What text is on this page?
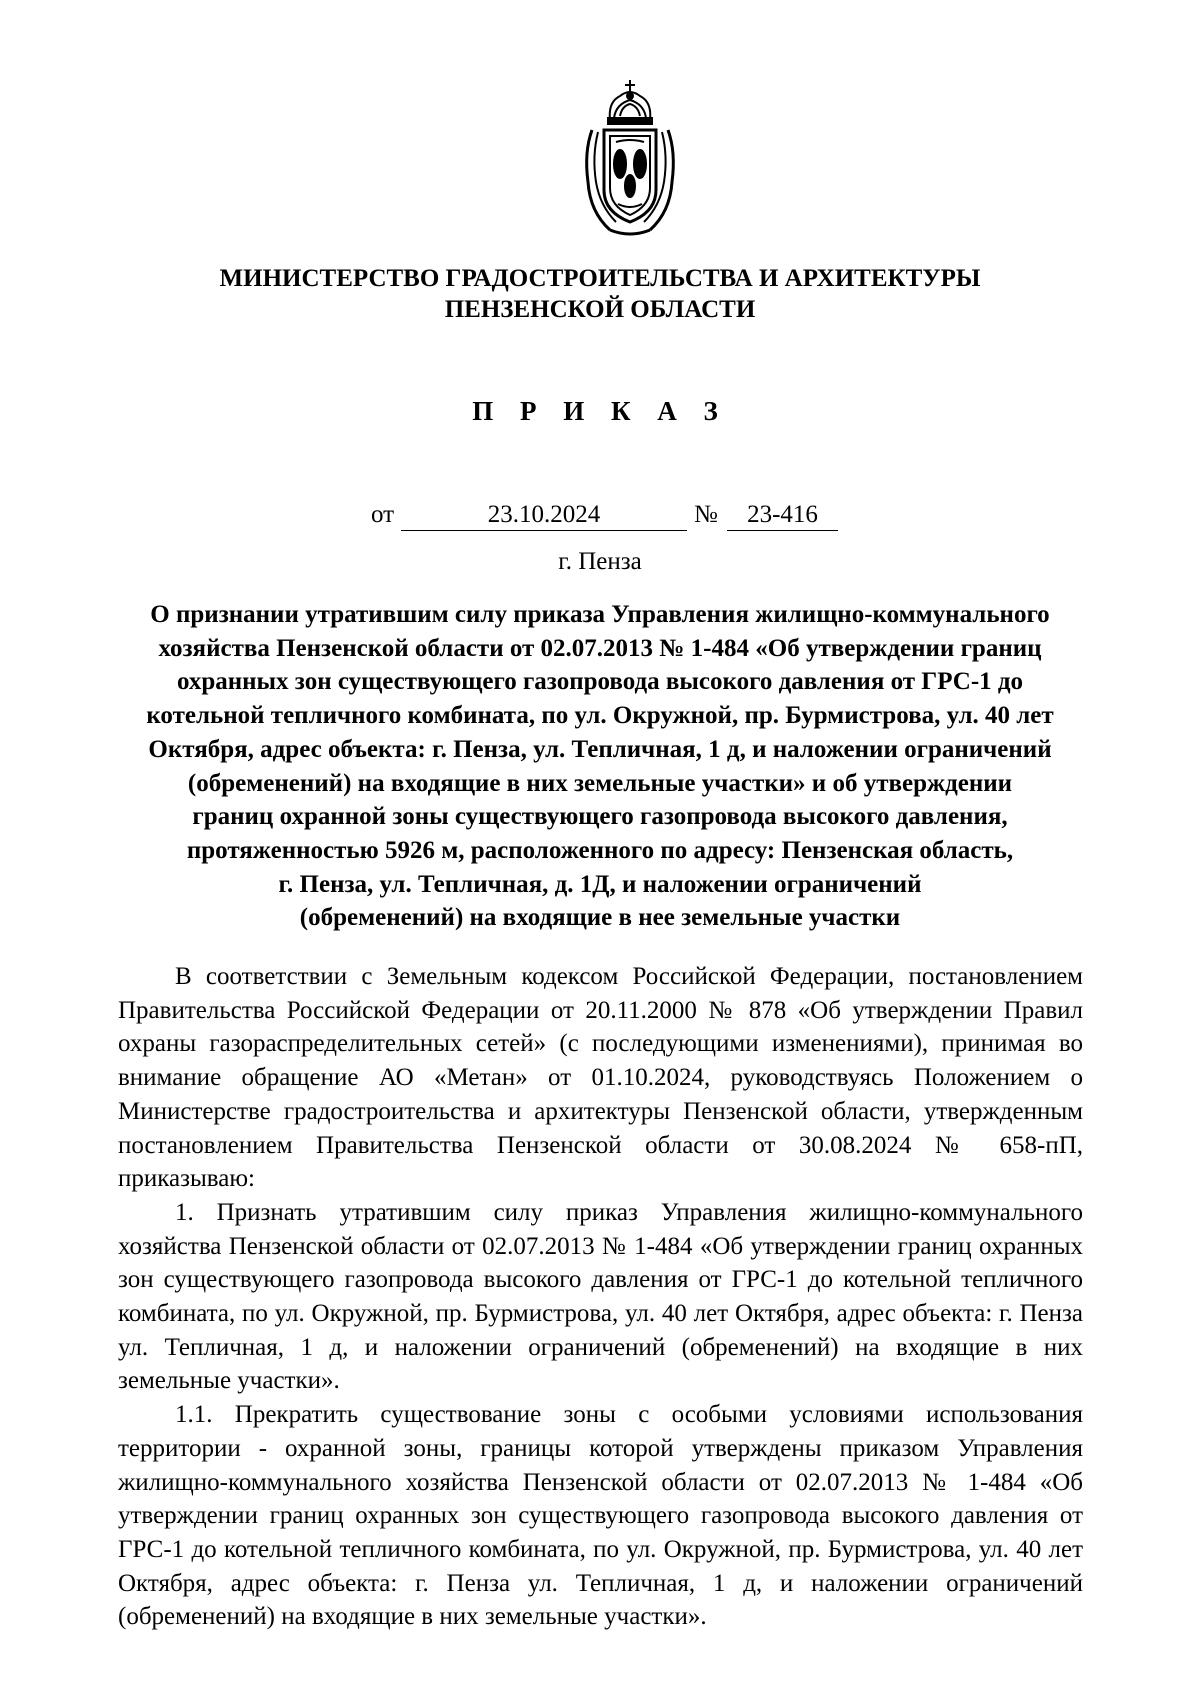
МИНИСТЕРСТВО ГРАДОСТРОИТЕЛЬСТВА И АРХИТЕКТУРЫ
ПЕНЗЕНСКОЙ ОБЛАСТИ
П Р И К А З
от	23.10.2024	№	23-416
г. Пенза
О признании утратившим силу приказа Управления жилищно-коммунального
хозяйства Пензенской области от 02.07.2013 № 1-484 «Об утверждении границ
охранных зон существующего газопровода высокого давления от ГРС-1 до
котельной тепличного комбината, по ул. Окружной, пр. Бурмистрова, ул. 40 лет
Октября, адрес объекта: г. Пенза, ул. Тепличная, 1 д, и наложении ограничений
(обременений) на входящие в них земельные участки» и об утверждении
границ охранной зоны существующего газопровода высокого давления,
протяженностью 5926 м, расположенного по адресу: Пензенская область,
г. Пенза, ул. Тепличная, д. 1Д, и наложении ограничений
(обременений) на входящие в нее земельные участки

В соответствии с Земельным кодексом Российской Федерации, постановлением Правительства Российской Федерации от 20.11.2000 № 878 «Об утверждении Правил охраны газораспределительных сетей» (с последующими изменениями), принимая во внимание обращение АО «Метан» от 01.10.2024, руководствуясь Положением о Министерстве градостроительства и архитектуры Пензенской области, утвержденным постановлением Правительства Пензенской области от 30.08.2024 № 658-пП, приказываю:

1. Признать утратившим силу приказ Управления жилищно-коммунального хозяйства Пензенской области от 02.07.2013 № 1-484 «Об утверждении границ охранных зон существующего газопровода высокого давления от ГРС-1 до котельной тепличного комбината, по ул. Окружной, пр. Бурмистрова, ул. 40 лет Октября, адрес объекта: г. Пенза ул. Тепличная, 1 д, и наложении ограничений (обременений) на входящие в них земельные участки».

1.1. Прекратить существование зоны с особыми условиями использования территории - охранной зоны, границы которой утверждены приказом Управления жилищно-коммунального хозяйства Пензенской области от 02.07.2013 № 1-484 «Об утверждении границ охранных зон существующего газопровода высокого давления от ГРС-1 до котельной тепличного комбината, по ул. Окружной, пр. Бурмистрова, ул. 40 лет Октября, адрес объекта: г. Пенза ул. Тепличная, 1 д, и наложении ограничений (обременений) на входящие в них земельные участки».
